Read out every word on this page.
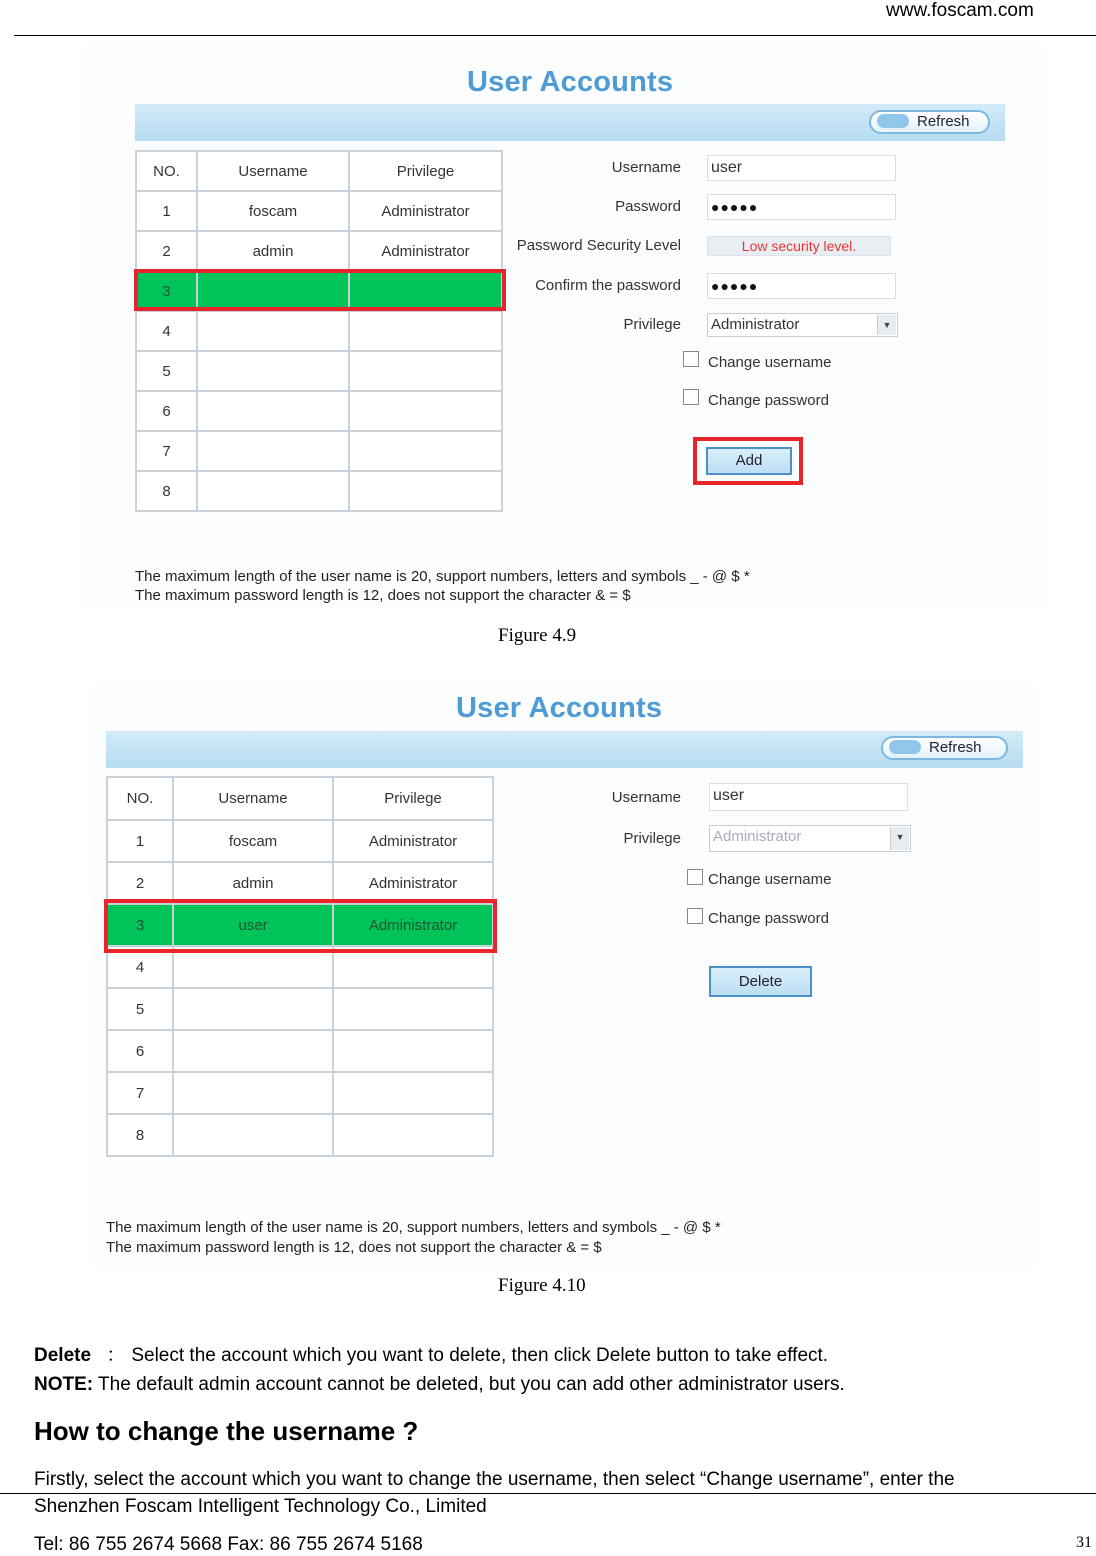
www.foscam.com
User Accounts
Refresh
NO.	Username	Privilege
1	foscam	Administrator
2	admin	Administrator
3		
4		
5		
6		
7		
8		
Username user
Password ●●●●●
Password Security Level	Low security level.
Confirm the password ●●●●●
Privilege Administrator	▼
Change username
Change password
Add
The maximum length of the user name is 20, support numbers, letters and symbols _ - @ $ *
The maximum password length is 12, does not support the character & = $
Figure 4.9
User Accounts
Refresh
NO.	Username	Privilege
1	foscam	Administrator
2	admin	Administrator
3	user	Administrator
4		
5		
6		
7		
8		
Username user
Privilege Administrator	▼
Change username
Change password
Delete
The maximum length of the user name is 20, support numbers, letters and symbols _ - @ $ *
The maximum password length is 12, does not support the character & = $
Figure 4.10
Delete ： Select the account which you want to delete, then click Delete button to take effect.
NOTE: The default admin account cannot be deleted, but you can add other administrator users.
How to change the username ?
Firstly, select the account which you want to change the username, then select “Change username”, enter the
Shenzhen Foscam Intelligent Technology Co., Limited
Tel: 86 755 2674 5668 Fax: 86 755 2674 5168	31
